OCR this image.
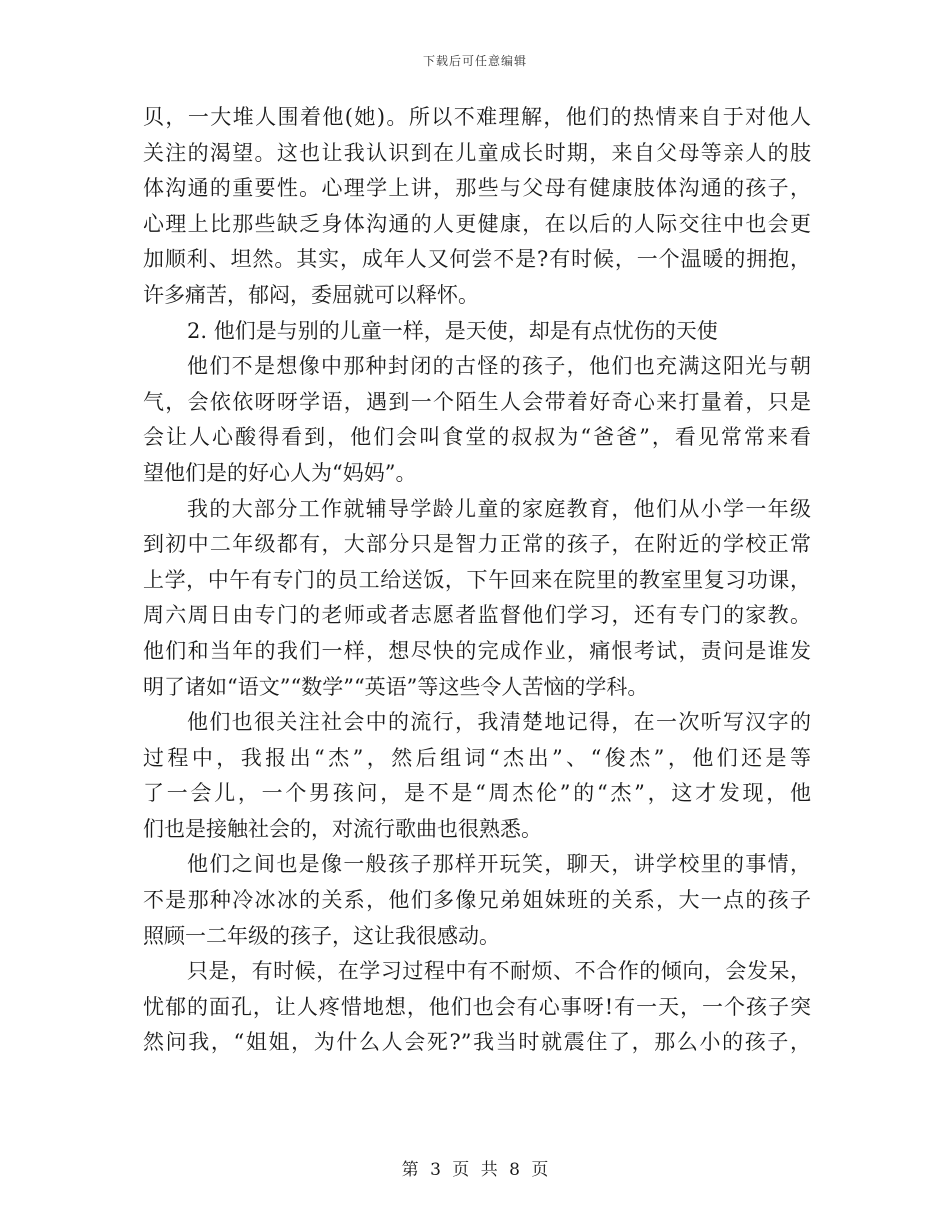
下载后可任意编辑
贝，一大堆人围着他(她)。所以不难理解，他们的热情来自于对他人
关注的渴望。这也让我认识到在儿童成长时期，来自父母等亲人的肢
体沟通的重要性。心理学上讲，那些与父母有健康肢体沟通的孩子，
心理上比那些缺乏身体沟通的人更健康，在以后的人际交往中也会更
加顺利、坦然。其实，成年人又何尝不是?有时候，一个温暖的拥抱，
许多痛苦，郁闷，委屈就可以释怀。
2. 他们是与别的儿童一样，是天使，却是有点忧伤的天使
他们不是想像中那种封闭的古怪的孩子，他们也充满这阳光与朝
气，会依依呀呀学语，遇到一个陌生人会带着好奇心来打量着，只是
会让人心酸得看到，他们会叫食堂的叔叔为“爸爸”，看见常常来看
望他们是的好心人为“妈妈”。
我的大部分工作就辅导学龄儿童的家庭教育，他们从小学一年级
到初中二年级都有，大部分只是智力正常的孩子，在附近的学校正常
上学，中午有专门的员工给送饭，下午回来在院里的教室里复习功课，
周六周日由专门的老师或者志愿者监督他们学习，还有专门的家教。
他们和当年的我们一样，想尽快的完成作业，痛恨考试，责问是谁发
明了诸如“语文”“数学”“英语”等这些令人苦恼的学科。
他们也很关注社会中的流行，我清楚地记得，在一次听写汉字的
过程中，我报出“杰”，然后组词“杰出”、“俊杰”，他们还是等
了一会儿，一个男孩问，是不是“周杰伦”的“杰”，这才发现，他
们也是接触社会的，对流行歌曲也很熟悉。
他们之间也是像一般孩子那样开玩笑，聊天，讲学校里的事情，
不是那种冷冰冰的关系，他们多像兄弟姐妹班的关系，大一点的孩子
照顾一二年级的孩子，这让我很感动。
只是，有时候，在学习过程中有不耐烦、不合作的倾向，会发呆，
忧郁的面孔，让人疼惜地想，他们也会有心事呀!有一天，一个孩子突
然问我，“姐姐，为什么人会死?”我当时就震住了，那么小的孩子，
第 3 页 共 8 页
